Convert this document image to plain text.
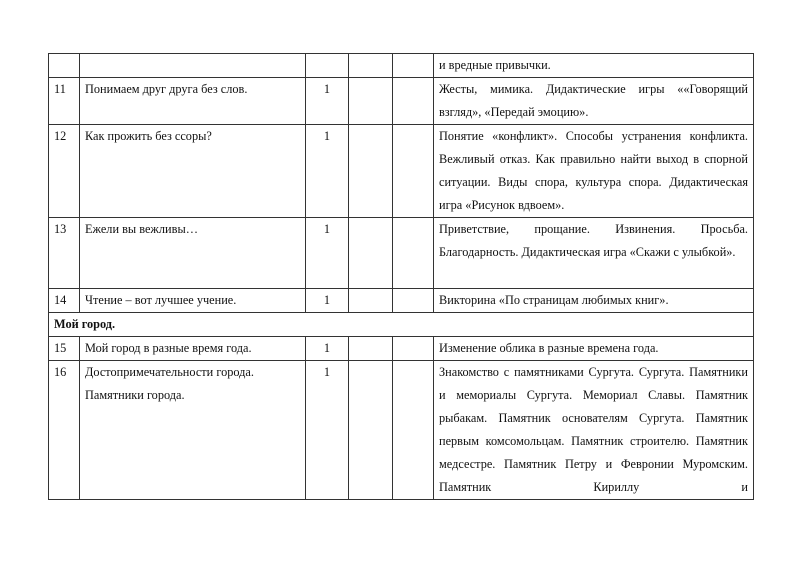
					и вредные привычки.
11	Понимаем друг друга без слов.	1			Жесты, мимика. Дидактические игры ««Говорящий взгляд», «Передай эмоцию».
12	Как прожить без ссоры?	1			Понятие «конфликт». Способы устранения конфликта. Вежливый отказ. Как правильно найти выход в спорной ситуации. Виды спора, культура спора. Дидактическая игра «Рисунок вдвоем».
13	Ежели вы вежливы…	1			Приветствие, прощание. Извинения. Просьба. Благодарность. Дидактическая игра «Скажи с улыбкой».
14	Чтение – вот лучшее учение.	1			Викторина «По страницам любимых книг».
Мой город.					
15	Мой город в разные время года.	1			Изменение облика в разные времена года.
16	Достопримечательности города. Памятники города.	1			Знакомство с памятниками Сургута. Сургута. Памятники и мемориалы Сургута. Мемориал Славы. Памятник рыбакам. Памятник основателям Сургута. Памятник первым комсомольцам. Памятник строителю. Памятник медсестре. Памятник Петру и Февронии Муромским. Памятник Кириллу и
